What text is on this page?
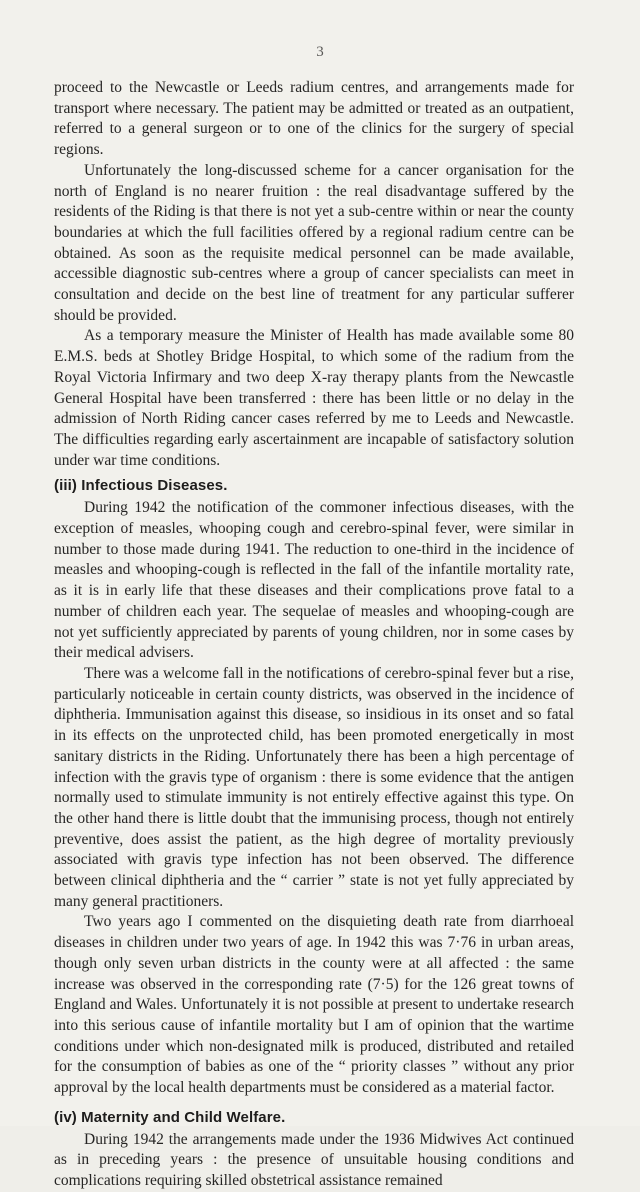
3

proceed to the Newcastle or Leeds radium centres, and arrangements made for transport where necessary. The patient may be admitted or treated as an outpatient, referred to a general surgeon or to one of the clinics for the surgery of special regions.

Unfortunately the long-discussed scheme for a cancer organisation for the north of England is no nearer fruition : the real disadvantage suffered by the residents of the Riding is that there is not yet a sub-centre within or near the county boundaries at which the full facilities offered by a regional radium centre can be obtained. As soon as the requisite medical personnel can be made available, accessible diagnostic sub-centres where a group of cancer specialists can meet in consultation and decide on the best line of treatment for any particular sufferer should be provided.

As a temporary measure the Minister of Health has made available some 80 E.M.S. beds at Shotley Bridge Hospital, to which some of the radium from the Royal Victoria Infirmary and two deep X-ray therapy plants from the Newcastle General Hospital have been transferred : there has been little or no delay in the admission of North Riding cancer cases referred by me to Leeds and Newcastle. The difficulties regarding early ascertainment are incapable of satisfactory solution under war time conditions.

(iii) Infectious Diseases.

During 1942 the notification of the commoner infectious diseases, with the exception of measles, whooping cough and cerebro-spinal fever, were similar in number to those made during 1941. The reduction to one-third in the incidence of measles and whooping-cough is reflected in the fall of the infantile mortality rate, as it is in early life that these diseases and their complications prove fatal to a number of children each year. The sequelae of measles and whooping-cough are not yet sufficiently appreciated by parents of young children, nor in some cases by their medical advisers.

There was a welcome fall in the notifications of cerebro-spinal fever but a rise, particularly noticeable in certain county districts, was observed in the incidence of diphtheria. Immunisation against this disease, so insidious in its onset and so fatal in its effects on the unprotected child, has been promoted energetically in most sanitary districts in the Riding. Unfortunately there has been a high percentage of infection with the gravis type of organism : there is some evidence that the antigen normally used to stimulate immunity is not entirely effective against this type. On the other hand there is little doubt that the immunising process, though not entirely preventive, does assist the patient, as the high degree of mortality previously associated with gravis type infection has not been observed. The difference between clinical diphtheria and the “ carrier ” state is not yet fully appreciated by many general practitioners.

Two years ago I commented on the disquieting death rate from diarrhoeal diseases in children under two years of age. In 1942 this was 7·76 in urban areas, though only seven urban districts in the county were at all affected : the same increase was observed in the corresponding rate (7·5) for the 126 great towns of England and Wales. Unfortunately it is not possible at present to undertake research into this serious cause of infantile mortality but I am of opinion that the wartime conditions under which non-designated milk is produced, distributed and retailed for the consumption of babies as one of the “ priority classes ” without any prior approval by the local health departments must be considered as a material factor.

(iv) Maternity and Child Welfare.

During 1942 the arrangements made under the 1936 Midwives Act continued as in preceding years : the presence of unsuitable housing conditions and complications requiring skilled obstetrical assistance remained
